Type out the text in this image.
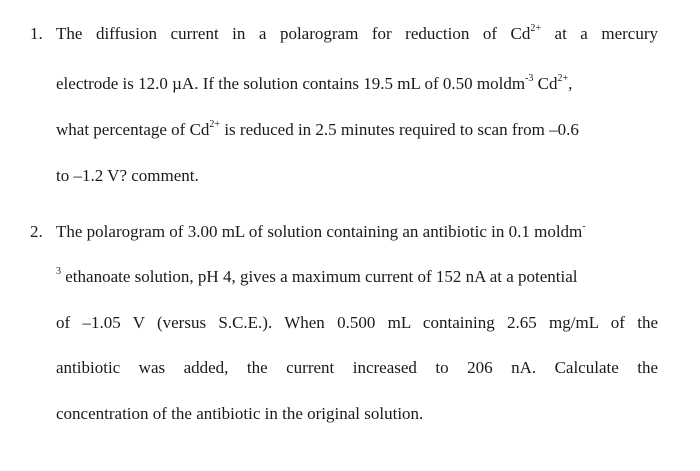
1. The diffusion current in a polarogram for reduction of $Cd^{2+}$ at a mercury
electrode is 12.0 µA. If the solution contains 19.5 mL of 0.50 moldm$^{-3}$ $Cd^{2+}$,
what percentage of $Cd^{2+}$ is reduced in 2.5 minutes required to scan from –0.6
to –1.2 V? comment.
2. The polarogram of 3.00 mL of solution containing an antibiotic in 0.1 moldm-
$^3$ ethanoate solution, pH 4, gives a maximum current of 152 nA at a potential
of –1.05 V (versus S.C.E.). When 0.500 mL containing 2.65 mg/mL of the
antibiotic was added, the current increased to 206 nA. Calculate the
concentration of the antibiotic in the original solution.
